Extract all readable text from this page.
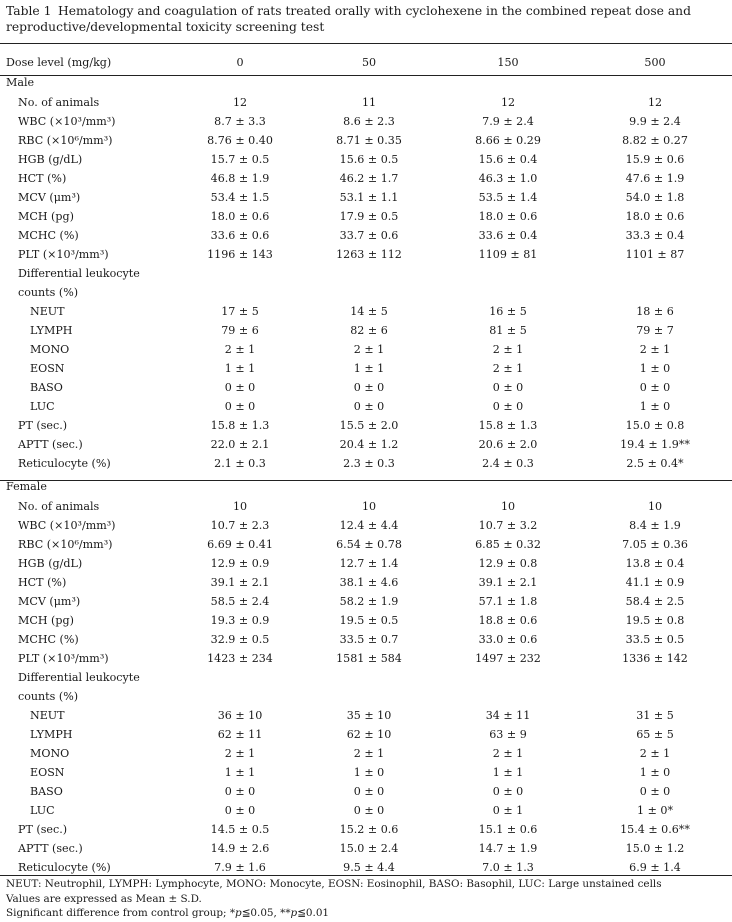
Table 1 Hematology and coagulation of rats treated orally with cyclohexene in the combined repeat dose and reproductive/developmental toxicity screening test
Dose level (mg/kg)	0	50	150	500
Male				
No. of animals	12	11	12	12
WBC (×10³/mm³)	8.7 ± 3.3	8.6 ± 2.3	7.9 ± 2.4	9.9 ± 2.4
RBC (×10⁶/mm³)	8.76 ± 0.40	8.71 ± 0.35	8.66 ± 0.29	8.82 ± 0.27
HGB (g/dL)	15.7 ± 0.5	15.6 ± 0.5	15.6 ± 0.4	15.9 ± 0.6
HCT (%)	46.8 ± 1.9	46.2 ± 1.7	46.3 ± 1.0	47.6 ± 1.9
MCV (μm³)	53.4 ± 1.5	53.1 ± 1.1	53.5 ± 1.4	54.0 ± 1.8
MCH (pg)	18.0 ± 0.6	17.9 ± 0.5	18.0 ± 0.6	18.0 ± 0.6
MCHC (%)	33.6 ± 0.6	33.7 ± 0.6	33.6 ± 0.4	33.3 ± 0.4
PLT (×10³/mm³)	1196 ± 143	1263 ± 112	1109 ± 81	1101 ± 87
Differential leukocyte				
counts (%)				
NEUT	17 ± 5	14 ± 5	16 ± 5	18 ± 6
LYMPH	79 ± 6	82 ± 6	81 ± 5	79 ± 7
MONO	2 ± 1	2 ± 1	2 ± 1	2 ± 1
EOSN	1 ± 1	1 ± 1	2 ± 1	1 ± 0
BASO	0 ± 0	0 ± 0	0 ± 0	0 ± 0
LUC	0 ± 0	0 ± 0	0 ± 0	1 ± 0
PT (sec.)	15.8 ± 1.3	15.5 ± 2.0	15.8 ± 1.3	15.0 ± 0.8
APTT (sec.)	22.0 ± 2.1	20.4 ± 1.2	20.6 ± 2.0	19.4 ± 1.9**
Reticulocyte (%)	2.1 ± 0.3	2.3 ± 0.3	2.4 ± 0.3	2.5 ± 0.4*

Female				
No. of animals	10	10	10	10
WBC (×10³/mm³)	10.7 ± 2.3	12.4 ± 4.4	10.7 ± 3.2	8.4 ± 1.9
RBC (×10⁶/mm³)	6.69 ± 0.41	6.54 ± 0.78	6.85 ± 0.32	7.05 ± 0.36
HGB (g/dL)	12.9 ± 0.9	12.7 ± 1.4	12.9 ± 0.8	13.8 ± 0.4
HCT (%)	39.1 ± 2.1	38.1 ± 4.6	39.1 ± 2.1	41.1 ± 0.9
MCV (μm³)	58.5 ± 2.4	58.2 ± 1.9	57.1 ± 1.8	58.4 ± 2.5
MCH (pg)	19.3 ± 0.9	19.5 ± 0.5	18.8 ± 0.6	19.5 ± 0.8
MCHC (%)	32.9 ± 0.5	33.5 ± 0.7	33.0 ± 0.6	33.5 ± 0.5
PLT (×10³/mm³)	1423 ± 234	1581 ± 584	1497 ± 232	1336 ± 142
Differential leukocyte				
counts (%)				
NEUT	36 ± 10	35 ± 10	34 ± 11	31 ± 5
LYMPH	62 ± 11	62 ± 10	63 ± 9	65 ± 5
MONO	2 ± 1	2 ± 1	2 ± 1	2 ± 1
EOSN	1 ± 1	1 ± 0	1 ± 1	1 ± 0
BASO	0 ± 0	0 ± 0	0 ± 0	0 ± 0
LUC	0 ± 0	0 ± 0	0 ± 1	1 ± 0*
PT (sec.)	14.5 ± 0.5	15.2 ± 0.6	15.1 ± 0.6	15.4 ± 0.6**
APTT (sec.)	14.9 ± 2.6	15.0 ± 2.4	14.7 ± 1.9	15.0 ± 1.2
Reticulocyte (%)	7.9 ± 1.6	9.5 ± 4.4	7.0 ± 1.3	6.9 ± 1.4
NEUT: Neutrophil, LYMPH: Lymphocyte, MONO: Monocyte, EOSN: Eosinophil, BASO: Basophil, LUC: Large unstained cells
Values are expressed as Mean ± S.D.
Significant difference from control group; *p≦0.05, **p≦0.01
